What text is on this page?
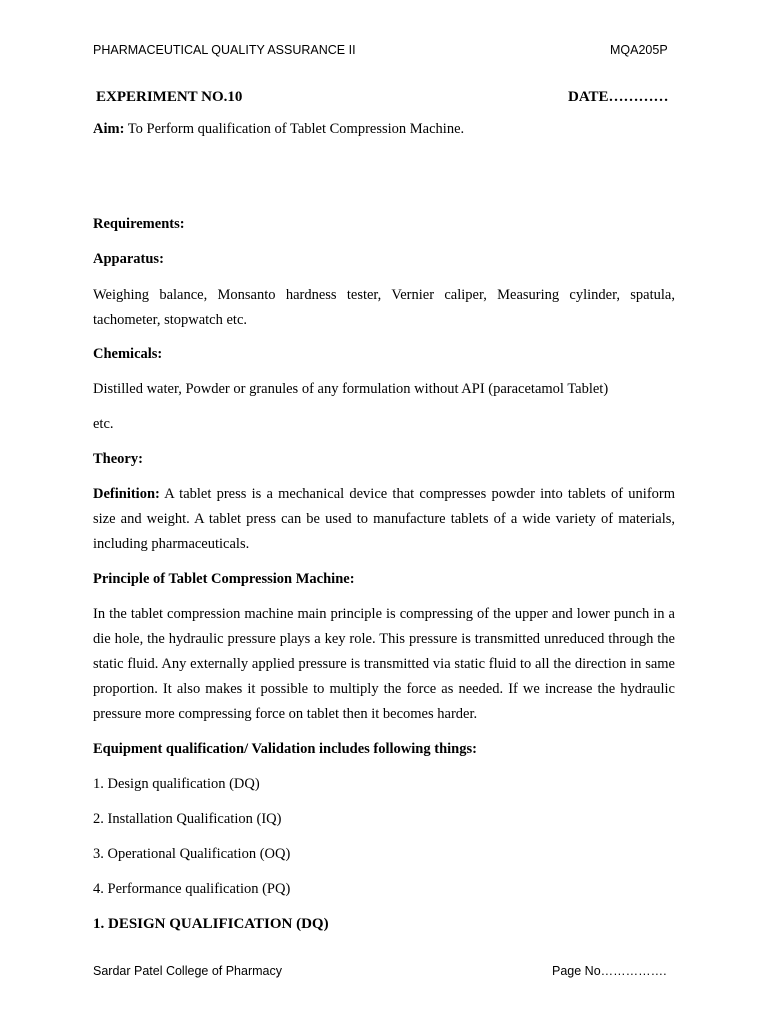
PHARMACEUTICAL QUALITY ASSURANCE II	MQA205P
EXPERIMENT NO.10	DATE…………

Aim: To Perform qualification of Tablet Compression Machine.

Requirements:

Apparatus:

Weighing balance, Monsanto hardness tester, Vernier caliper, Measuring cylinder, spatula, tachometer, stopwatch etc.

Chemicals:

Distilled water, Powder or granules of any formulation without API (paracetamol Tablet)

etc.

Theory:

Definition: A tablet press is a mechanical device that compresses powder into tablets of uniform size and weight. A tablet press can be used to manufacture tablets of a wide variety of materials, including pharmaceuticals.

Principle of Tablet Compression Machine:

In the tablet compression machine main principle is compressing of the upper and lower punch in a die hole, the hydraulic pressure plays a key role. This pressure is transmitted unreduced through the static fluid. Any externally applied pressure is transmitted via static fluid to all the direction in same proportion. It also makes it possible to multiply the force as needed. If we increase the hydraulic pressure more compressing force on tablet then it becomes harder.

Equipment qualification/ Validation includes following things:

1. Design qualification (DQ)

2. Installation Qualification (IQ)

3. Operational Qualification (OQ)

4. Performance qualification (PQ)

1. DESIGN QUALIFICATION (DQ)

Sardar Patel College of Pharmacy	Page No…………….
